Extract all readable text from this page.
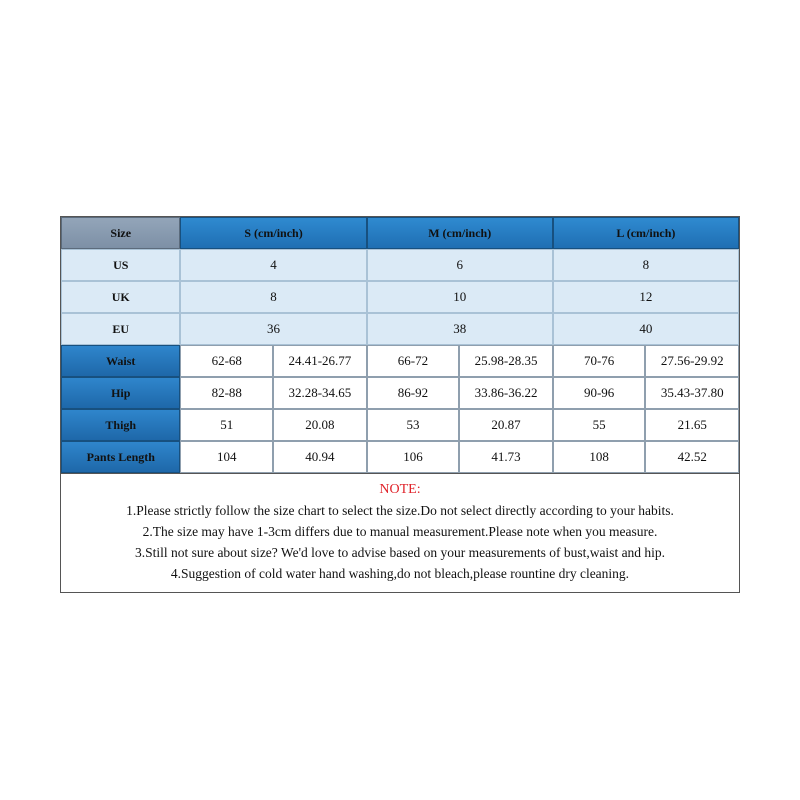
Size	S (cm/inch)	M (cm/inch)	L (cm/inch)
US	4	6	8
UK	8	10	12
EU	36	38	40
Waist	62-68	24.41-26.77	66-72	25.98-28.35	70-76	27.56-29.92
Hip	82-88	32.28-34.65	86-92	33.86-36.22	90-96	35.43-37.80
Thigh	51	20.08	53	20.87	55	21.65
Pants Length	104	40.94	106	41.73	108	42.52
NOTE:
1.Please strictly follow the size chart to select the size.Do not select directly according to your habits.
2.The size may have 1-3cm differs due to manual measurement.Please note when you measure.
3.Still not sure about size? We'd love to advise based on your measurements of bust,waist and hip.
4.Suggestion of cold water hand washing,do not bleach,please rountine dry cleaning.
